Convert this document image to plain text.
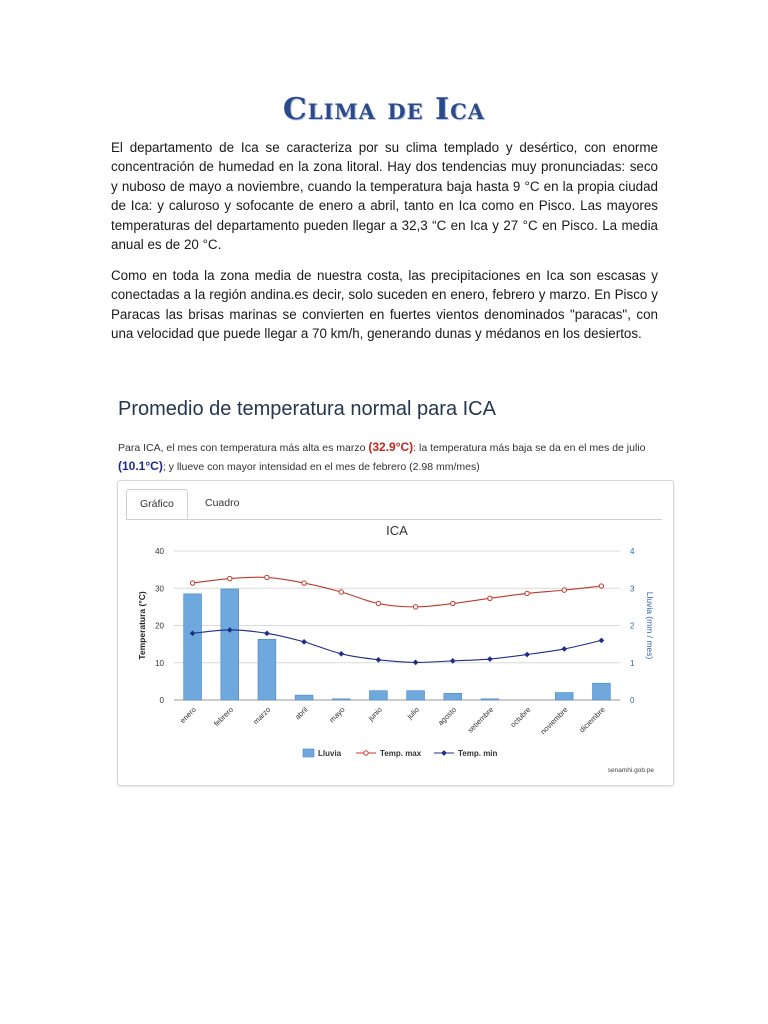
Clima de Ica

El departamento de Ica se caracteriza por su clima templado y desértico, con enorme concentración de humedad en la zona litoral. Hay dos tendencias muy pronunciadas: seco y nuboso de mayo a noviembre, cuando la temperatura baja hasta 9 °C en la propia ciudad de Ica: y caluroso y sofocante de enero a abril, tanto en Ica como en Pisco. Las mayores temperaturas del departamento pueden llegar a 32,3 “C en Ica y 27 °C en Pisco. La media anual es de 20 °C.

Como en toda la zona media de nuestra costa, las precipitaciones en Ica son escasas y conectadas a la región andina.es decir, solo suceden en enero, febrero y marzo. En Pisco y Paracas las brisas marinas se convierten en fuertes vientos denominados "paracas", con una velocidad que puede llegar a 70 km/h, generando dunas y médanos en los desiertos.

Promedio de temperatura normal para ICA
Para ICA, el mes con temperatura más alta es marzo (32.9°C): la temperatura más baja se da en el mes de julio (10.1°C); y llueve con mayor intensidad en el mes de febrero (2.98 mm/mes)
Gráfico	Cuadro
ICA
0
10
20
30
40
0
1
2
3
4
Temperatura (°C)	Lluvia (mm / mes)
enero febrero marzo	abril mayo	junio	julio agosto setiembre octubre noviembre diciembre
Lluvia	Temp. max	Temp. min
senamhi.gob.pe
